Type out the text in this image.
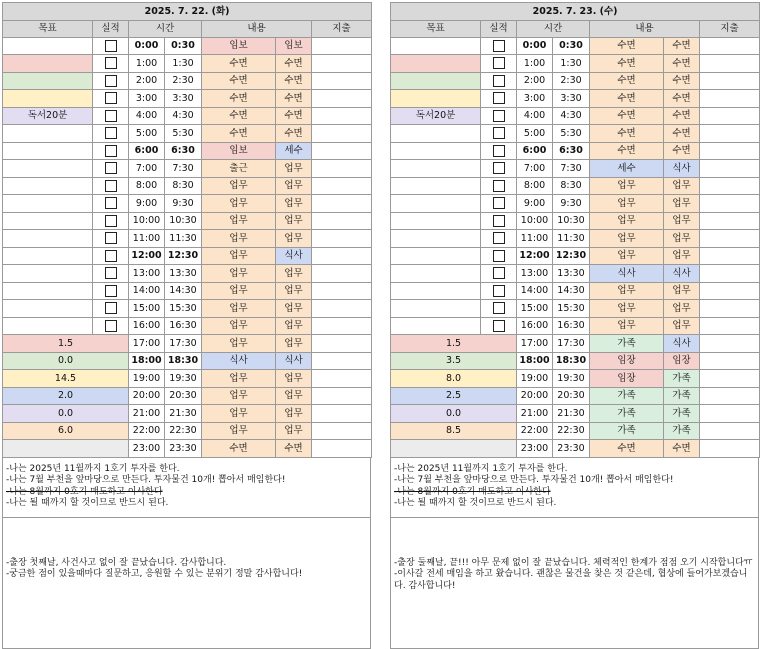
2025. 7. 22. (화)						
목표	실적	시간		내용		지출
		0:00	0:30	임보	임보	
		1:00	1:30	수면	수면	
		2:00	2:30	수면	수면	
		3:00	3:30	수면	수면	
독서20분		4:00	4:30	수면	수면	
		5:00	5:30	수면	수면	
		6:00	6:30	임보	세수	
		7:00	7:30	출근	업무	
		8:00	8:30	업무	업무	
		9:00	9:30	업무	업무	
		10:00	10:30	업무	업무	
		11:00	11:30	업무	업무	
		12:00	12:30	업무	식사	
		13:00	13:30	업무	업무	
		14:00	14:30	업무	업무	
		15:00	15:30	업무	업무	
		16:00	16:30	업무	업무	
1.5		17:00	17:30	업무	업무	
0.0		18:00	18:30	식사	식사	
14.5		19:00	19:30	업무	업무	
2.0		20:00	20:30	업무	업무	
0.0		21:00	21:30	업무	업무	
6.0		22:00	22:30	업무	업무	
		23:00	23:30	수면	수면	
-나는 2025년 11월까지 1호기 투자를 한다.
-나는 7월 부천을 앞마당으로 만든다. 투자물건 10개! 뽑아서 매임한다!
-나는 8월까지 0호기 매도하고 이사한다
-나는 될 때까지 할 것이므로 반드시 된다.
-출장 첫째날, 사건사고 없이 잘 끝났습니다. 감사합니다.
-궁금한 점이 있을때마다 질문하고, 응원할 수 있는 분위기 정말 감사합니다!
2025. 7. 23. (수)						
목표	실적	시간		내용		지출
		0:00	0:30	수면	수면	
		1:00	1:30	수면	수면	
		2:00	2:30	수면	수면	
		3:00	3:30	수면	수면	
독서20분		4:00	4:30	수면	수면	
		5:00	5:30	수면	수면	
		6:00	6:30	수면	수면	
		7:00	7:30	세수	식사	
		8:00	8:30	업무	업무	
		9:00	9:30	업무	업무	
		10:00	10:30	업무	업무	
		11:00	11:30	업무	업무	
		12:00	12:30	업무	업무	
		13:00	13:30	식사	식사	
		14:00	14:30	업무	업무	
		15:00	15:30	업무	업무	
		16:00	16:30	업무	업무	
1.5		17:00	17:30	가족	식사	
3.5		18:00	18:30	임장	임장	
8.0		19:00	19:30	임장	가족	
2.5		20:00	20:30	가족	가족	
0.0		21:00	21:30	가족	가족	
8.5		22:00	22:30	가족	가족	
		23:00	23:30	수면	수면	
-나는 2025년 11월까지 1호기 투자를 한다.
-나는 7월 부천을 앞마당으로 만든다. 투자물건 10개! 뽑아서 매임한다!
-나는 8월까지 0호기 매도하고 이사한다
-나는 될 때까지 할 것이므로 반드시 된다.
-출장 둘째날, 끝!!! 아무 문제 없이 잘 끝났습니다. 체력적인 한계가 점점 오기 시작합니다ㅠ
-이사갈 전세 매임을 하고 왔습니다. 괜찮은 물건을 찾은 것 같은데, 협상에 들어가보겠습니다. 감사합니다!
